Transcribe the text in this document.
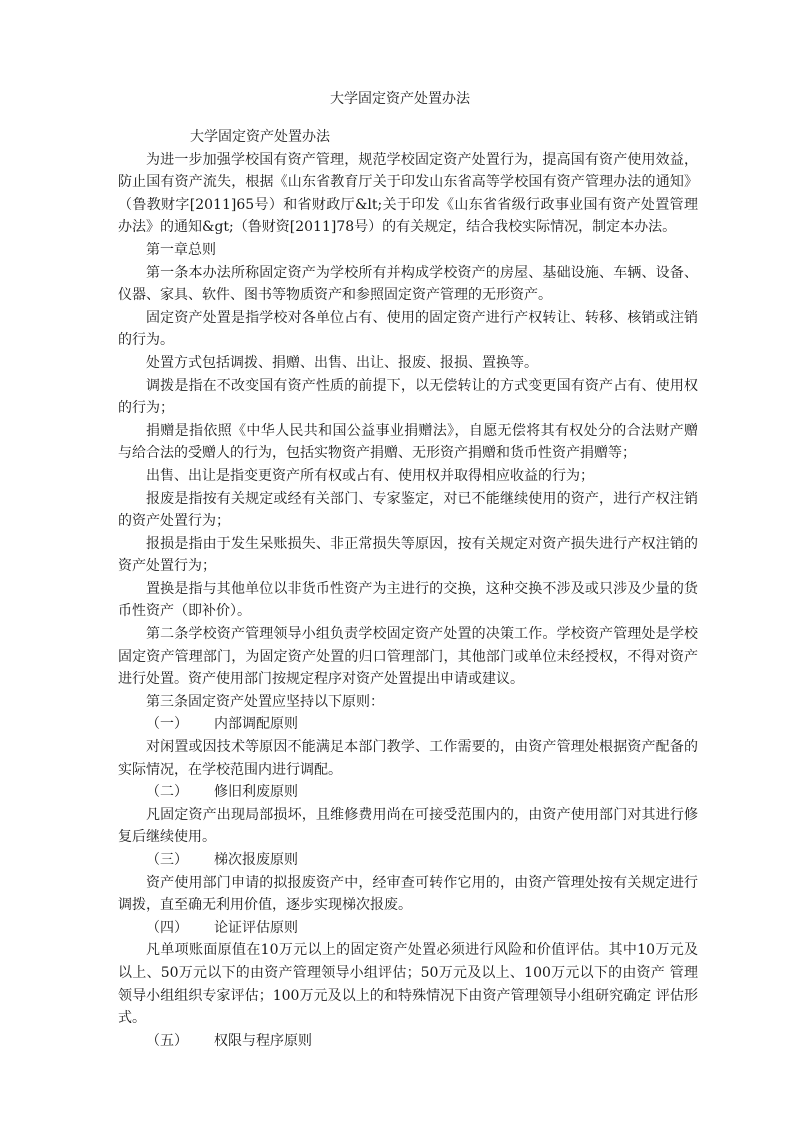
大学固定资产处置办法

大学固定资产处置办法

为进一步加强学校国有资产管理，规范学校固定资产处置行为，提高国有资产使用效益， 防止国有资产流失，根据《山东省教育厅关于印发山东省高等学校国有资产管理办法的通知》 （鲁教财字[2011]65号）和省财政厅&lt;关于印发《山东省省级行政事业国有资产处置管理 办法》的通知&gt;（鲁财资[2011]78号）的有关规定，结合我校实际情况，制定本办法。

第一章总则

第一条本办法所称固定资产为学校所有并构成学校资产的房屋、基础设施、车辆、设备、仪器、家具、软件、图书等物质资产和参照固定资产管理的无形资产。

固定资产处置是指学校对各单位占有、使用的固定资产进行产权转让、转移、核销或注销的行为。

处置方式包括调拨、捐赠、出售、出让、报废、报损、置换等。

调拨是指在不改变国有资产性质的前提下，以无偿转让的方式变更国有资产占有、使用权的行为；

捐赠是指依照《中华人民共和国公益事业捐赠法》，自愿无偿将其有权处分的合法财产赠与给合法的受赠人的行为，包括实物资产捐赠、无形资产捐赠和货币性资产捐赠等；

出售、出让是指变更资产所有权或占有、使用权并取得相应收益的行为；

报废是指按有关规定或经有关部门、专家鉴定，对已不能继续使用的资产，进行产权注销的资产处置行为；

报损是指由于发生呆账损失、非正常损失等原因，按有关规定对资产损失进行产权注销的资产处置行为；

置换是指与其他单位以非货币性资产为主进行的交换，这种交换不涉及或只涉及少量的货币性资产（即补价）。

第二条学校资产管理领导小组负责学校固定资产处置的决策工作。学校资产管理处是学校固定资产管理部门，为固定资产处置的归口管理部门，其他部门或单位未经授权，不得对资产进行处置。资产使用部门按规定程序对资产处置提出申请或建议。

第三条固定资产处置应坚持以下原则：

（一） 内部调配原则

对闲置或因技术等原因不能满足本部门教学、工作需要的，由资产管理处根据资产配备的实际情况，在学校范围内进行调配。

（二） 修旧利废原则

凡固定资产出现局部损坏，且维修费用尚在可接受范围内的，由资产使用部门对其进行修复后继续使用。

（三） 梯次报废原则

资产使用部门申请的拟报废资产中，经审查可转作它用的，由资产管理处按有关规定进行调拨，直至确无利用价值，逐步实现梯次报废。

（四） 论证评估原则

凡单项账面原值在10万元以上的固定资产处置必须进行风险和价值评估。其中10万元及以上、50万元以下的由资产管理领导小组评估；50万元及以上、100万元以下的由资产 管理领导小组组织专家评估；100万元及以上的和特殊情况下由资产管理领导小组研究确定 评估形式。

（五） 权限与程序原则
